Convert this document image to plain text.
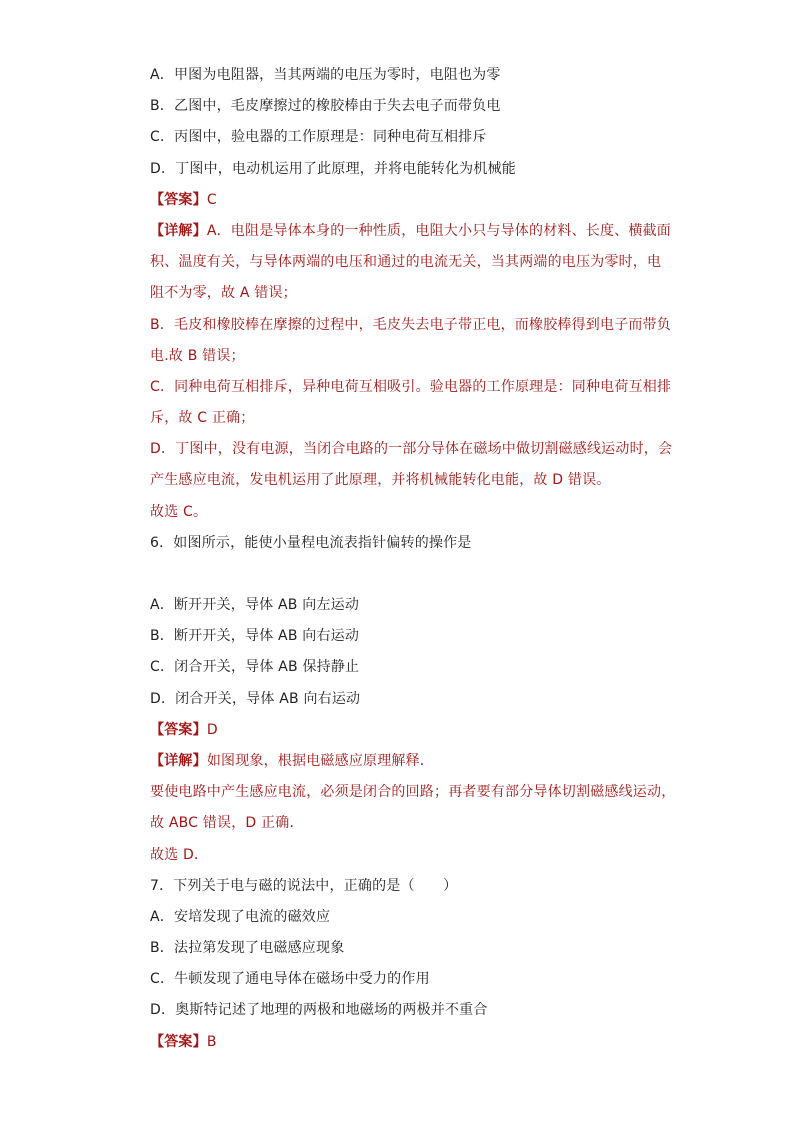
A．甲图为电阻器，当其两端的电压为零时，电阻也为零
B．乙图中，毛皮摩擦过的橡胶棒由于失去电子而带负电
C．丙图中，验电器的工作原理是：同种电荷互相排斥
D．丁图中，电动机运用了此原理，并将电能转化为机械能
【答案】C
【详解】A．电阻是导体本身的一种性质，电阻大小只与导体的材料、长度、横截面
积、温度有关，与导体两端的电压和通过的电流无关，当其两端的电压为零时，电
阻不为零，故 A 错误；
B．毛皮和橡胶棒在摩擦的过程中，毛皮失去电子带正电，而橡胶棒得到电子而带负
电.故 B 错误；
C．同种电荷互相排斥，异种电荷互相吸引。验电器的工作原理是：同种电荷互相排
斥，故 C 正确；
D．丁图中，没有电源，当闭合电路的一部分导体在磁场中做切割磁感线运动时，会
产生感应电流，发电机运用了此原理，并将机械能转化电能，故 D 错误。
故选 C。
6．如图所示，能使小量程电流表指针偏转的操作是
A．断开开关，导体 AB 向左运动
B．断开开关，导体 AB 向右运动
C．闭合开关，导体 AB 保持静止
D．闭合开关，导体 AB 向右运动
【答案】D
【详解】如图现象，根据电磁感应原理解释．
要使电路中产生感应电流，必须是闭合的回路；再者要有部分导体切割磁感线运动，
故 ABC 错误，D 正确．
故选 D．
7．下列关于电与磁的说法中，正确的是（　　）
A．安培发现了电流的磁效应
B．法拉第发现了电磁感应现象
C．牛顿发现了通电导体在磁场中受力的作用
D．奥斯特记述了地理的两极和地磁场的两极并不重合
【答案】B
